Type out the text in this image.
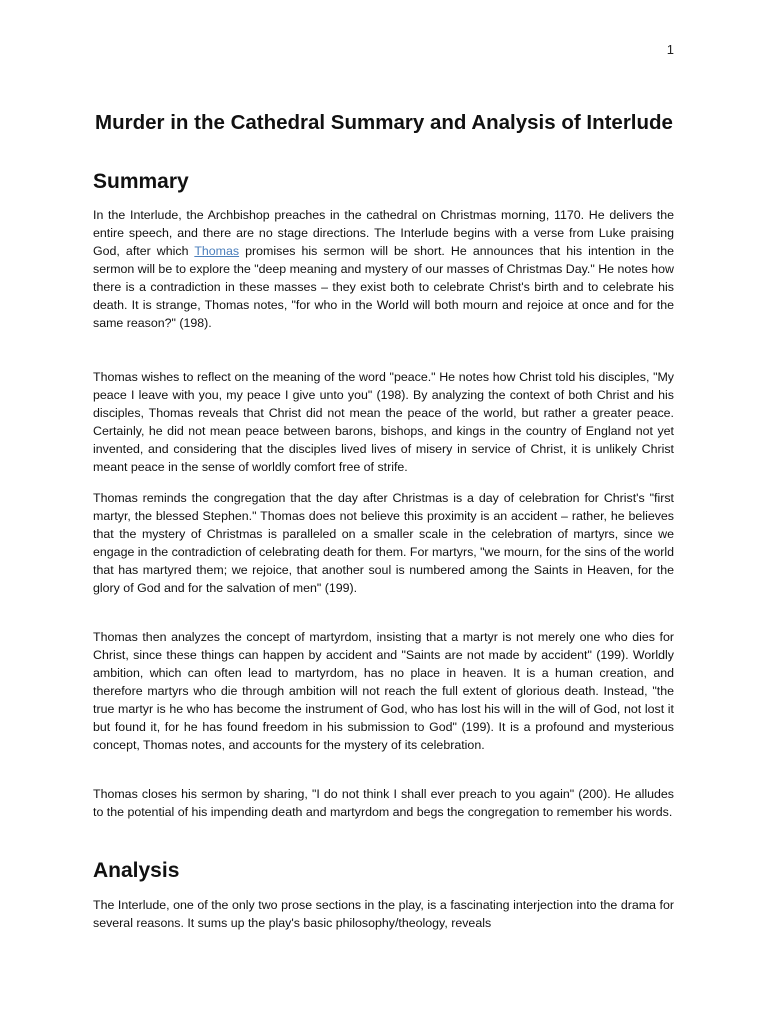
1
Murder in the Cathedral Summary and Analysis of Interlude
Summary

In the Interlude, the Archbishop preaches in the cathedral on Christmas morning, 1170. He delivers the entire speech, and there are no stage directions. The Interlude begins with a verse from Luke praising God, after which Thomas promises his sermon will be short. He announces that his intention in the sermon will be to explore the "deep meaning and mystery of our masses of Christmas Day." He notes how there is a contradiction in these masses – they exist both to celebrate Christ's birth and to celebrate his death. It is strange, Thomas notes, "for who in the World will both mourn and rejoice at once and for the same reason?" (198).

Thomas wishes to reflect on the meaning of the word "peace." He notes how Christ told his disciples, "My peace I leave with you, my peace I give unto you" (198). By analyzing the context of both Christ and his disciples, Thomas reveals that Christ did not mean the peace of the world, but rather a greater peace. Certainly, he did not mean peace between barons, bishops, and kings in the country of England not yet invented, and considering that the disciples lived lives of misery in service of Christ, it is unlikely Christ meant peace in the sense of worldly comfort free of strife.

Thomas reminds the congregation that the day after Christmas is a day of celebration for Christ's "first martyr, the blessed Stephen." Thomas does not believe this proximity is an accident – rather, he believes that the mystery of Christmas is paralleled on a smaller scale in the celebration of martyrs, since we engage in the contradiction of celebrating death for them. For martyrs, "we mourn, for the sins of the world that has martyred them; we rejoice, that another soul is numbered among the Saints in Heaven, for the glory of God and for the salvation of men" (199).

Thomas then analyzes the concept of martyrdom, insisting that a martyr is not merely one who dies for Christ, since these things can happen by accident and "Saints are not made by accident" (199). Worldly ambition, which can often lead to martyrdom, has no place in heaven. It is a human creation, and therefore martyrs who die through ambition will not reach the full extent of glorious death. Instead, "the true martyr is he who has become the instrument of God, who has lost his will in the will of God, not lost it but found it, for he has found freedom in his submission to God" (199). It is a profound and mysterious concept, Thomas notes, and accounts for the mystery of its celebration.

Thomas closes his sermon by sharing, "I do not think I shall ever preach to you again" (200). He alludes to the potential of his impending death and martyrdom and begs the congregation to remember his words.

Analysis

The Interlude, one of the only two prose sections in the play, is a fascinating interjection into the drama for several reasons. It sums up the play's basic philosophy/theology, reveals
